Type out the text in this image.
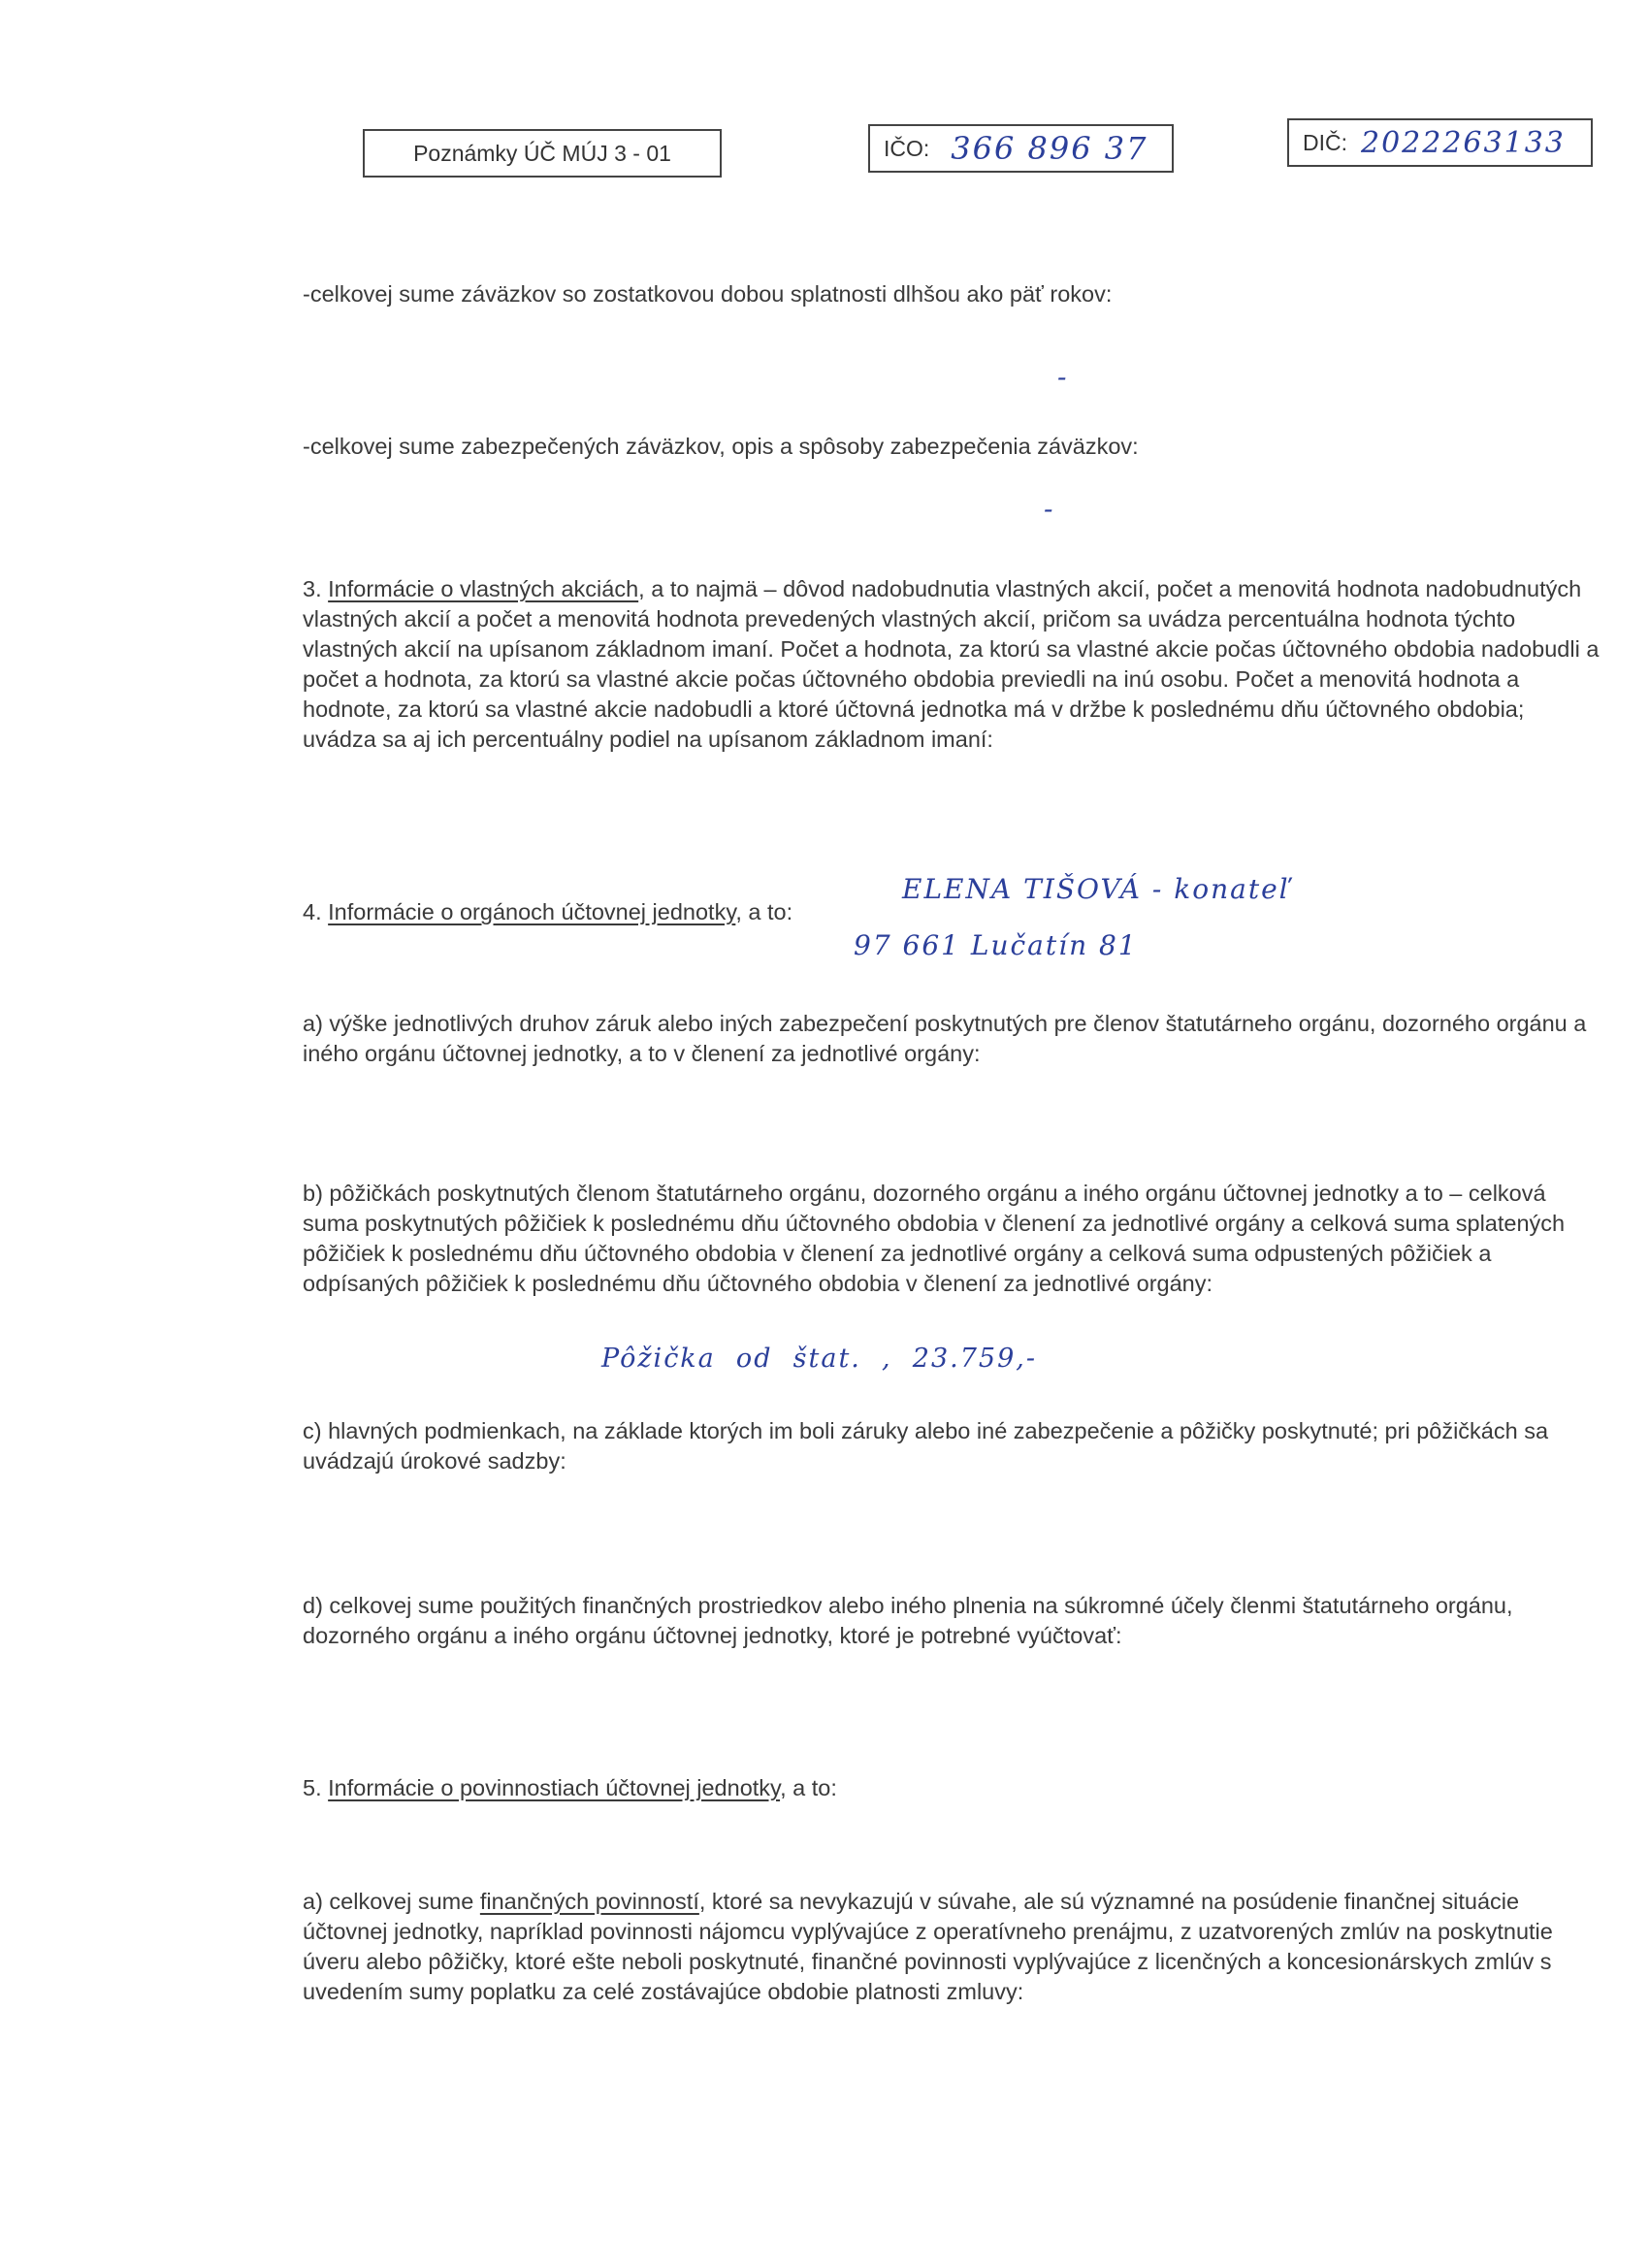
Poznámky ÚČ MÚJ 3 - 01	IČO: 366 896 37	DIČ: 2022263133
-celkovej sume záväzkov so zostatkovou dobou splatnosti dlhšou ako päť rokov:
-
-celkovej sume zabezpečených záväzkov, opis a spôsoby zabezpečenia záväzkov:
-
3. Informácie o vlastných akciách, a to najmä – dôvod nadobudnutia vlastných akcií, počet a menovitá hodnota nadobudnutých vlastných akcií a počet a menovitá hodnota prevedených vlastných akcií, pričom sa uvádza percentuálna hodnota týchto vlastných akcií na upísanom základnom imaní. Počet a hodnota, za ktorú sa vlastné akcie počas účtovného obdobia nadobudli a počet a hodnota, za ktorú sa vlastné akcie počas účtovného obdobia previedli na inú osobu. Počet a menovitá hodnota a hodnote, za ktorú sa vlastné akcie nadobudli a ktoré účtovná jednotka má v držbe k poslednému dňu účtovného obdobia; uvádza sa aj ich percentuálny podiel na upísanom základnom imaní:
4. Informácie o orgánoch účtovnej jednotky, a to:
ELENA TIŠOVÁ - konateľ
97 661 Lučatín 81
a) výške jednotlivých druhov záruk alebo iných zabezpečení poskytnutých pre členov štatutárneho orgánu, dozorného orgánu a iného orgánu účtovnej jednotky, a to v členení za jednotlivé orgány:
b) pôžičkách poskytnutých členom štatutárneho orgánu, dozorného orgánu a iného orgánu účtovnej jednotky a to – celková suma poskytnutých pôžičiek k poslednému dňu účtovného obdobia v členení za jednotlivé orgány a celková suma splatených pôžičiek k poslednému dňu účtovného obdobia v členení za jednotlivé orgány a celková suma odpustených pôžičiek a odpísaných pôžičiek k poslednému dňu účtovného obdobia v členení za jednotlivé orgány:
Pôžička  od  štat.  ,  23.759,-
c) hlavných podmienkach, na základe ktorých im boli záruky alebo iné zabezpečenie a pôžičky poskytnuté; pri pôžičkách sa uvádzajú úrokové sadzby:
d) celkovej sume použitých finančných prostriedkov alebo iného plnenia na súkromné účely členmi štatutárneho orgánu, dozorného orgánu a iného orgánu účtovnej jednotky, ktoré je potrebné vyúčtovať:
5. Informácie o povinnostiach účtovnej jednotky, a to:
a) celkovej sume finančných povinností, ktoré sa nevykazujú v súvahe, ale sú významné na posúdenie finančnej situácie účtovnej jednotky, napríklad povinnosti nájomcu vyplývajúce z operatívneho prenájmu, z uzatvorených zmlúv na poskytnutie úveru alebo pôžičky, ktoré ešte neboli poskytnuté, finančné povinnosti vyplývajúce z licenčných a koncesionárskych zmlúv s uvedením sumy poplatku za celé zostávajúce obdobie platnosti zmluvy:
